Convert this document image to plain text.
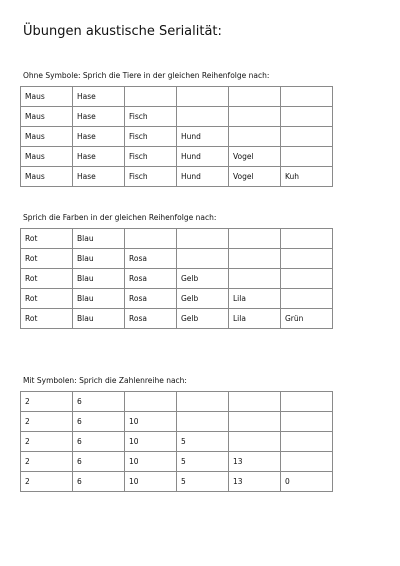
Übungen akustische Serialität:
Ohne Symbole: Sprich die Tiere in der gleichen Reihenfolge nach:
Maus	Hase				
Maus	Hase	Fisch			
Maus	Hase	Fisch	Hund		
Maus	Hase	Fisch	Hund	Vogel	
Maus	Hase	Fisch	Hund	Vogel	Kuh
Sprich die Farben in der gleichen Reihenfolge nach:
Rot	Blau				
Rot	Blau	Rosa			
Rot	Blau	Rosa	Gelb		
Rot	Blau	Rosa	Gelb	Lila	
Rot	Blau	Rosa	Gelb	Lila	Grün
Mit Symbolen: Sprich die Zahlenreihe nach:
2	6				
2	6	10			
2	6	10	5		
2	6	10	5	13	
2	6	10	5	13	0
